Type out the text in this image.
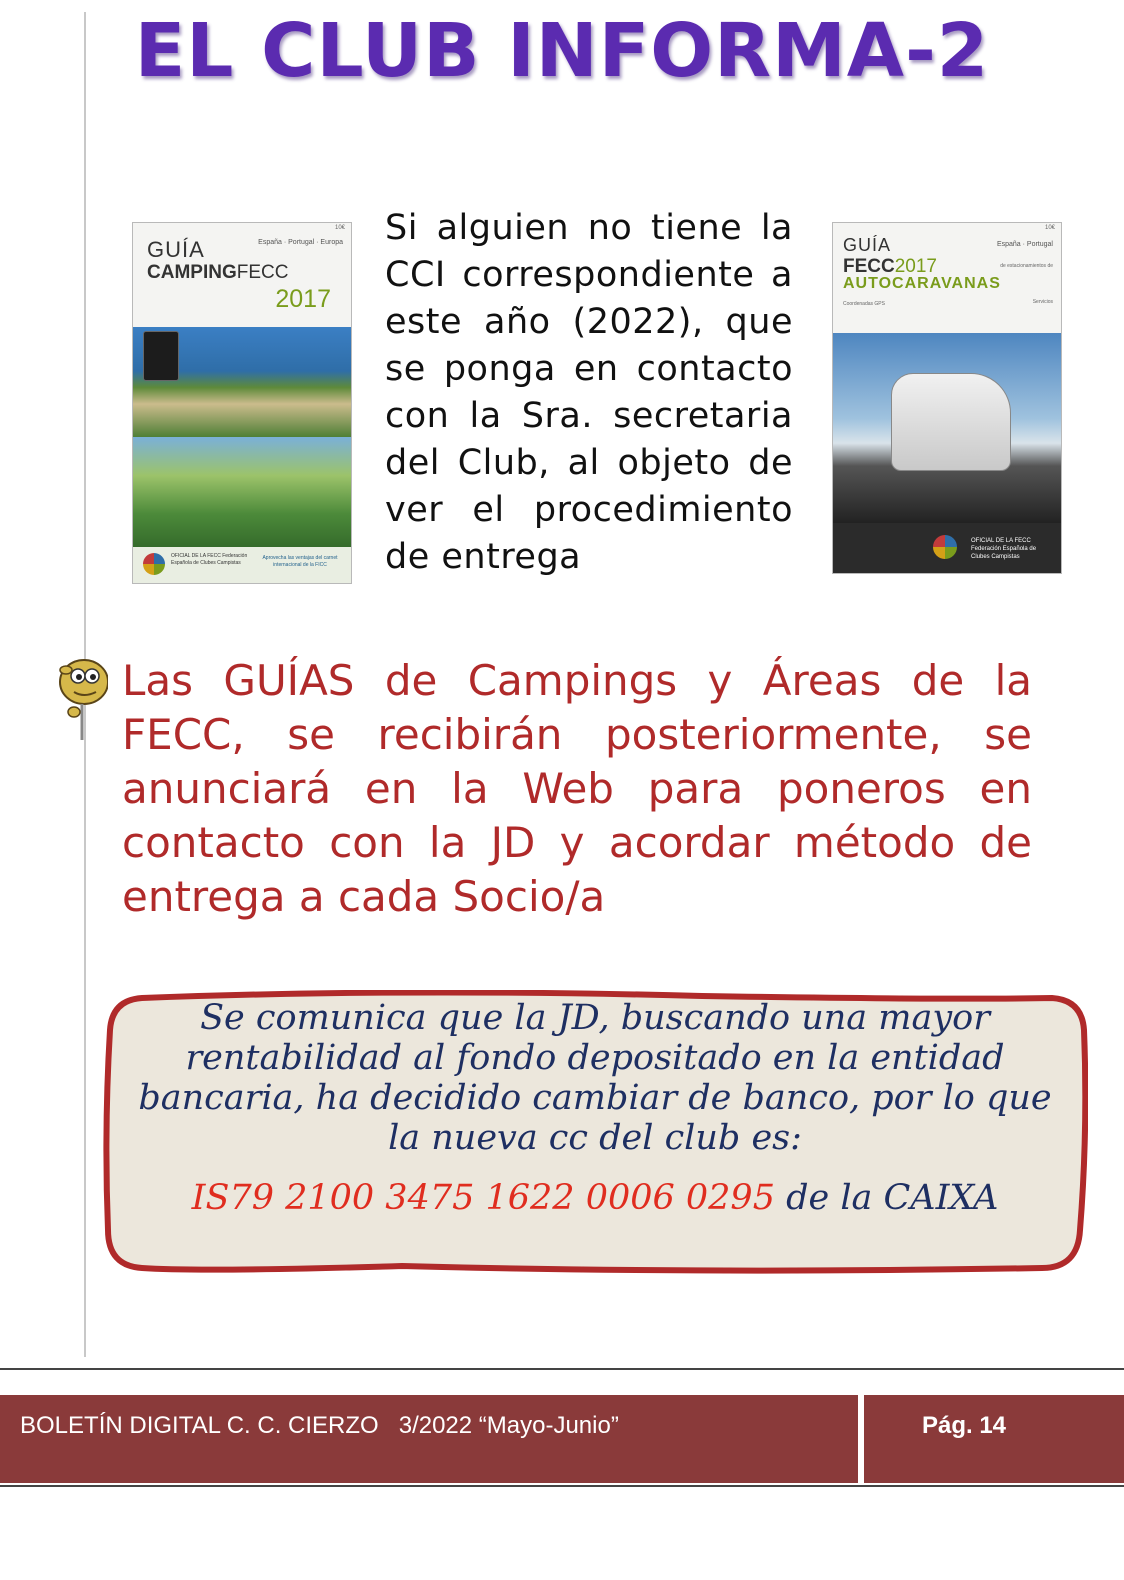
EL CLUB INFORMA-2
10€
GUÍA
CAMPINGFECC
España · Portugal · Europa
2017
OFICIAL DE LA FECC Federación Española de Clubes Campistas
Aprovecha las ventajas del carnet internacional de la FICC
Si alguien no tiene la CCI correspondiente a este año (2022), que se ponga en contacto con la Sra. secretaria del Club, al objeto de ver el procedimiento de entrega
10€
GUÍA	España · Portugal
FECC2017	de estacionamientos de
AUTOCARAVANAS
Coordenadas GPS	Servicios
OFICIAL DE LA FECC Federación Española de Clubes Campistas
Las GUÍAS de Campings y Áreas de la FECC, se recibirán posteriormente, se anunciará en la Web para poneros en contacto con la JD y acordar método de entrega a cada Socio/a
Se comunica que la JD, buscando una mayor rentabilidad al fondo depositado en la entidad bancaria, ha decidido cambiar de banco, por lo que la nueva cc del club es:
IS79 2100 3475 1622 0006 0295 de la CAIXA
BOLETÍN DIGITAL C. C. CIERZO   3/2022 “Mayo-Junio”	Pág. 14
